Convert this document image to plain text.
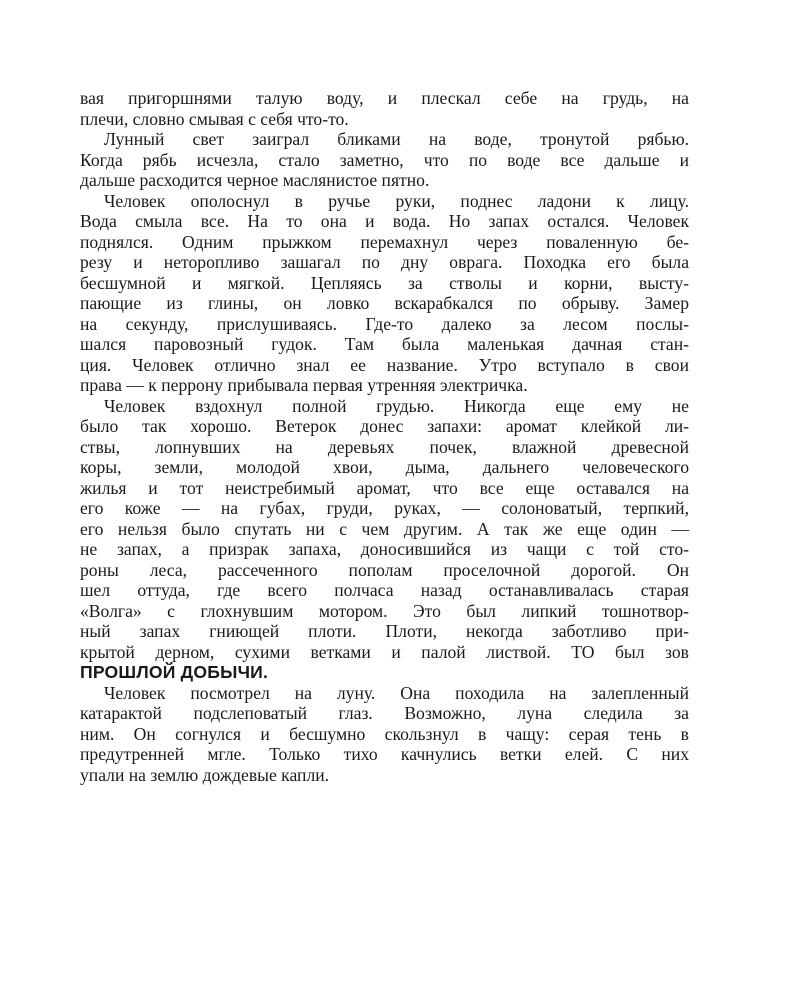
вая пригоршнями талую воду, и плескал себе на грудь, на
плечи, словно смывая с себя что-то.
Лунный свет заиграл бликами на воде, тронутой рябью.
Когда рябь исчезла, стало заметно, что по воде все дальше и
дальше расходится черное маслянистое пятно.
Человек ополоснул в ручье руки, поднес ладони к лицу.
Вода смыла все. На то она и вода. Но запах остался. Человек
поднялся. Одним прыжком перемахнул через поваленную бе-
резу и неторопливо зашагал по дну оврага. Походка его была
бесшумной и мягкой. Цепляясь за стволы и корни, высту-
пающие из глины, он ловко вскарабкался по обрыву. Замер
на секунду, прислушиваясь. Где-то далеко за лесом послы-
шался паровозный гудок. Там была маленькая дачная стан-
ция. Человек отлично знал ее название. Утро вступало в свои
права — к перрону прибывала первая утренняя электричка.
Человек вздохнул полной грудью. Никогда еще ему не
было так хорошо. Ветерок донес запахи: аромат клейкой ли-
ствы, лопнувших на деревьях почек, влажной древесной
коры, земли, молодой хвои, дыма, дальнего человеческого
жилья и тот неистребимый аромат, что все еще оставался на
его коже — на губах, груди, руках, — солоноватый, терпкий,
его нельзя было спутать ни с чем другим. А так же еще один —
не запах, а призрак запаха, доносившийся из чащи с той сто-
роны леса, рассеченного пополам проселочной дорогой. Он
шел оттуда, где всего полчаса назад останавливалась старая
«Волга» с глохнувшим мотором. Это был липкий тошнотвор-
ный запах гниющей плоти. Плоти, некогда заботливо при-
крытой дерном, сухими ветками и палой листвой. ТО был зов
ПРОШЛОЙ ДОБЫЧИ.
Человек посмотрел на луну. Она походила на залепленный
катарактой подслеповатый глаз. Возможно, луна следила за
ним. Он согнулся и бесшумно скользнул в чащу: серая тень в
предутренней мгле. Только тихо качнулись ветки елей. С них
упали на землю дождевые капли.
